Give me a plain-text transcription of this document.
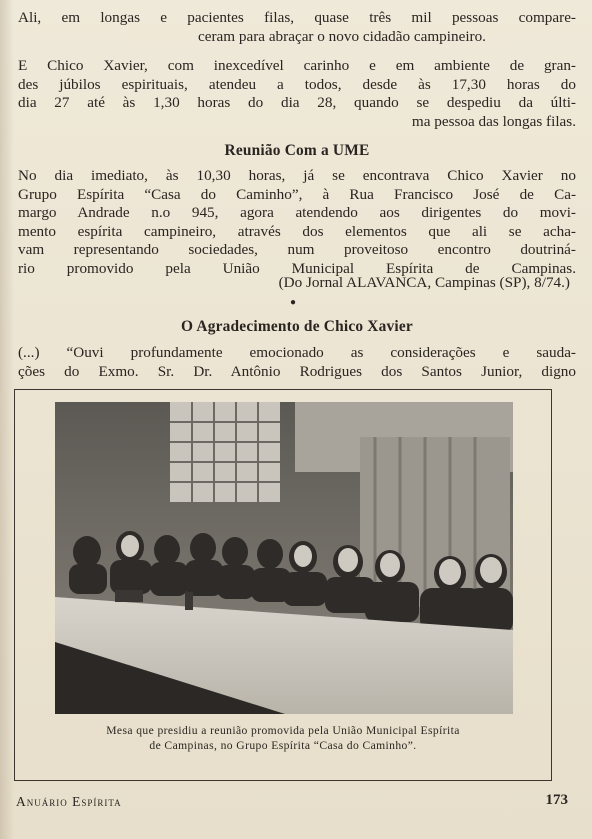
Ali, em longas e pacientes filas, quase três mil pessoas compare-

ceram para abraçar o novo cidadão campineiro.

E Chico Xavier, com inexcedível carinho e em ambiente de gran-

des júbilos espirituais, atendeu a todos, desde às 17,30 horas do

dia 27 até às 1,30 horas do dia 28, quando se despediu da últi-

ma pessoa das longas filas.

Reunião Com a UME

No dia imediato, às 10,30 horas, já se encontrava Chico Xavier no

Grupo Espírita “Casa do Caminho”, à Rua Francisco José de Ca-

margo Andrade n.o 945, agora atendendo aos dirigentes do movi-

mento espírita campineiro, através dos elementos que ali se acha-

vam representando sociedades, num proveitoso encontro doutriná-

rio promovido pela União Municipal Espírita de Campinas.

(Do Jornal ALAVANCA, Campinas (SP), 8/74.)
●

O Agradecimento de Chico Xavier

(...) “Ouvi profundamente emocionado as considerações e sauda-

ções do Exmo. Sr. Dr. Antônio Rodrigues dos Santos Junior, digno

Mesa que presidiu a reunião promovida pela União Municipal Espírita
de Campinas, no Grupo Espírita “Casa do Caminho”.
Anuário Espírita	173
